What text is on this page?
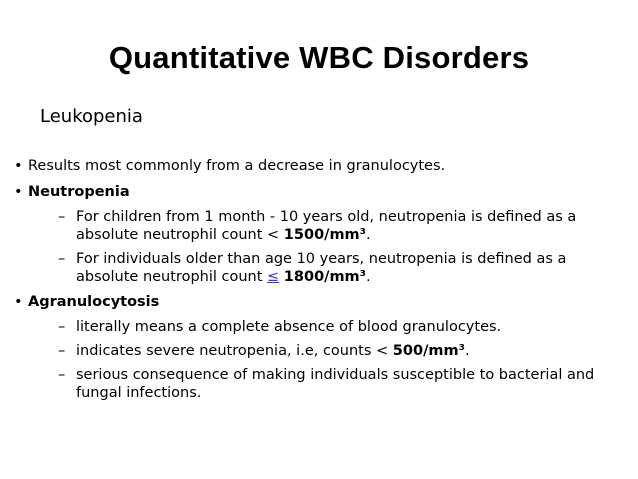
Quantitative WBC Disorders
Leukopenia
• Results most commonly from a decrease in granulocytes.
• Neutropenia
– For children from 1 month - 10 years old, neutropenia is defined as a
absolute neutrophil count < 1500/mm³.
– For individuals older than age 10 years, neutropenia is defined as a
absolute neutrophil count ≤ 1800/mm³.
• Agranulocytosis
– literally means a complete absence of blood granulocytes.
– indicates severe neutropenia, i.e, counts < 500/mm³.
– serious consequence of making individuals susceptible to bacterial and
fungal infections.
